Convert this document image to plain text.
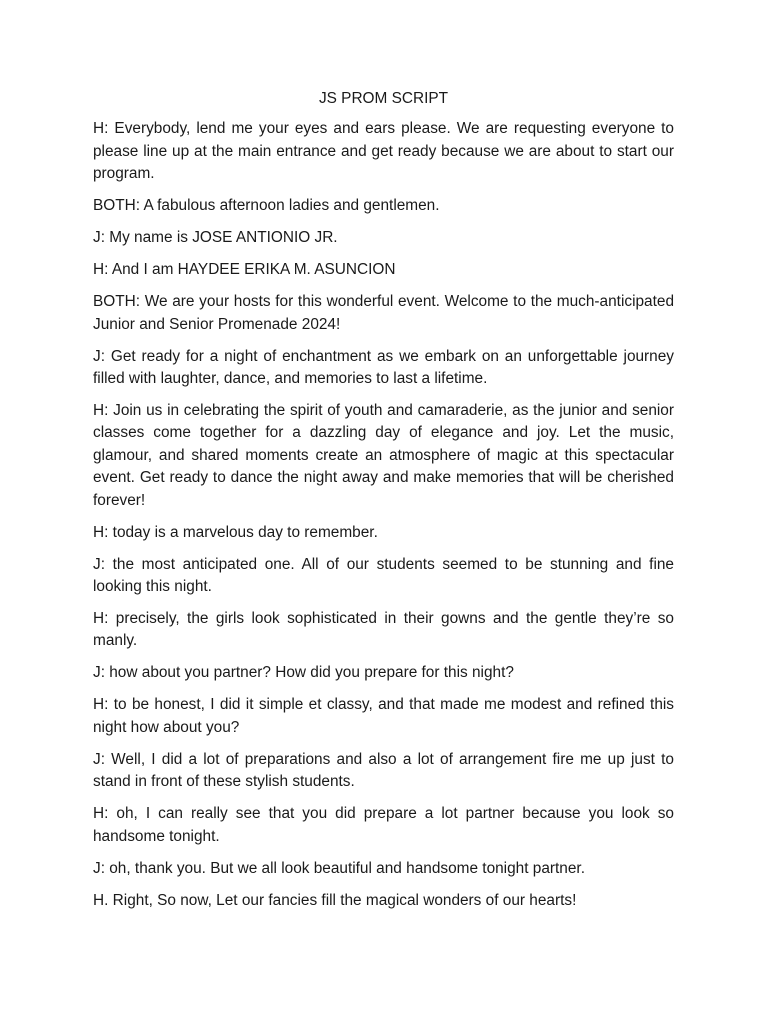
JS PROM SCRIPT

H: Everybody, lend me your eyes and ears please. We are requesting everyone to please line up at the main entrance and get ready because we are about to start our program.

BOTH: A fabulous afternoon ladies and gentlemen.

J: My name is JOSE ANTIONIO JR.

H: And I am HAYDEE ERIKA M. ASUNCION

BOTH: We are your hosts for this wonderful event. Welcome to the much-anticipated Junior and Senior Promenade 2024!

J: Get ready for a night of enchantment as we embark on an unforgettable journey filled with laughter, dance, and memories to last a lifetime.

H: Join us in celebrating the spirit of youth and camaraderie, as the junior and senior classes come together for a dazzling day of elegance and joy. Let the music, glamour, and shared moments create an atmosphere of magic at this spectacular event. Get ready to dance the night away and make memories that will be cherished forever!

H: today is a marvelous day to remember.

J: the most anticipated one. All of our students seemed to be stunning and fine looking this night.

H: precisely, the girls look sophisticated in their gowns and the gentle they’re so manly.

J: how about you partner? How did you prepare for this night?

H: to be honest, I did it simple et classy, and that made me modest and refined this night how about you?

J: Well, I did a lot of preparations and also a lot of arrangement fire me up just to stand in front of these stylish students.

H: oh, I can really see that you did prepare a lot partner because you look so handsome tonight.

J: oh, thank you. But we all look beautiful and handsome tonight partner.

H. Right, So now, Let our fancies fill the magical wonders of our hearts!
